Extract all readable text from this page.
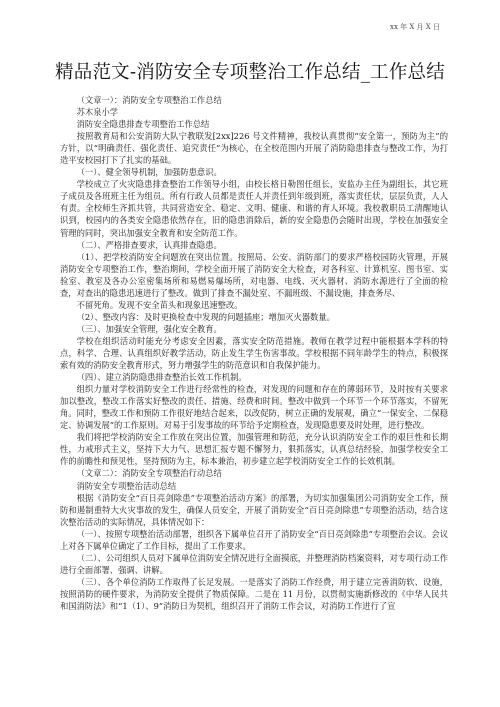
xx 年 X 月 X 日
精品范文-消防安全专项整治工作总结_工作总结

（文章一）：消防安全专项整治工作总结

苏木泉小学

消防安全隐患排查专项整治工作总结

按照教育局和公安消防大队宁教联发[2xx]226 号文件精神，我校认真贯彻“安全第一，预防为主”的方针，以“明确责任、强化责任、追究责任”为核心，在全校范围内开展了消防隐患排查与整改工作，为打造平安校园打下了扎实的基础。

（一）、健全领导机制，加强防患意识。

学校成立了火灾隐患排查整治工作领导小组，由校长格日勒图任组长，安监办主任为副组长，其它班子成员及各班班主任为组员。所有行政人员都是责任人并责任到年级到班，落实责任状，层层负责，人人有责。全校师生齐抓共管，共同营造安全、稳定、文明、健康、和谐的育人环境。我校教职员工清醒地认识到，校园内的各类安全隐患依然存在，旧的隐患消除后，新的安全隐患仍会随时出现，学校在加强安全管理的同时，突出加强安全教育和安全防范工作。

（二）、严格排查要求，认真排查隐患。

（1）、把学校消防安全问题放在突出位置。按照局、公安、消防部门的要求严格校园防火管理，开展消防安全专项整治工作，整治期间，学校全面开展了消防安全大检查，对各科室、计算机室、图书室、实验室、教室及各办公室密集场所和易燃易爆场所，对电器、电线、灭火器材、消防水源进行了全面的检查，对查出的隐患迅速进行了整改。做到了排查不漏处室、不漏班级、不漏设施，排查务尽、

不留死角。发现不安全苗头和现象迅速整改。

（2）、整改内容：及时更换检查中发现的问题插座；增加灭火器数量。

（三）、加强安全管理，强化安全教育。

学校在组织活动时能充分考虑安全因素，落实安全防范措施。教师在教学过程中能根据本学科的特点，科学、合理、认真组织好教学活动，防止发生学生伤害事故。学校根据不同年龄学生的特点，积极探索有效的消防安全教育形式，努力增强学生的防范意识和自我保护能力。

（四）、建立消防隐患排查整治长效工作机制。

组织力量对学校消防安全工作进行经常性的检查，对发现的问题和存在的薄弱环节，及时按有关要求加以整改，整改工作落实好整改的责任、措施、经费和时间。整改中做到一个环节一个环节落实，不留死角。同时，整改工作和预防工作很好地结合起来，以改促防，树立正确的发展观，确立“一保安全、二保稳定、协调发展”的工作原则。对易于引发事故的环节给予定期检查，发现隐患要及时处理，进行整改。

我们将把学校消防安全工作放在突出位置，加强管理和防范，充分认识消防安全工作的艰巨性和长期性，力戒形式主义，坚持下大力气、思想汇报专题不懈努力，狠抓落实，认真总结经验，加强学校安全工作的前瞻性和预见性，坚持预防为主，标本兼治，初步建立起学校消防安全工作的长效机制。

（文章二）：消防安全专项整治行动总结

消防安全专项整治活动总结

根据《消防安全“百日亮剑除患”专项整治活动方案》的部署，为切实加强集团公司消防安全工作，预防和遏制重特大火灾事故的发生，确保人员安全，开展了消防安全“百日亮剑除患”专项整治活动，结合这次整治活动的实际情况，具体情况如下：

（一）、按照专项整治活动部署，组织各下属单位召开了消防安全“百日亮剑除患”专项整治会议。会议上对各下属单位确定了工作目标，提出了工作要求。

（二）、公司组织人员对下属单位消防安全情况进行全面摸底，并整理消防档案资料，对专项行动工作进行全面部署、强调、讲解。

（三）、各个单位消防工作取得了长足发展。一是落实了消防工作经费，用于建立完善消防软、设施，按照消防的硬件要求，为消防安全提供了物质保障。二是在 11 月份，以贯彻实施新修改的《中华人民共和国消防法》和“1（1）、9”消防日为契机，组织召开了消防工作会议，对消防工作进行了宣
